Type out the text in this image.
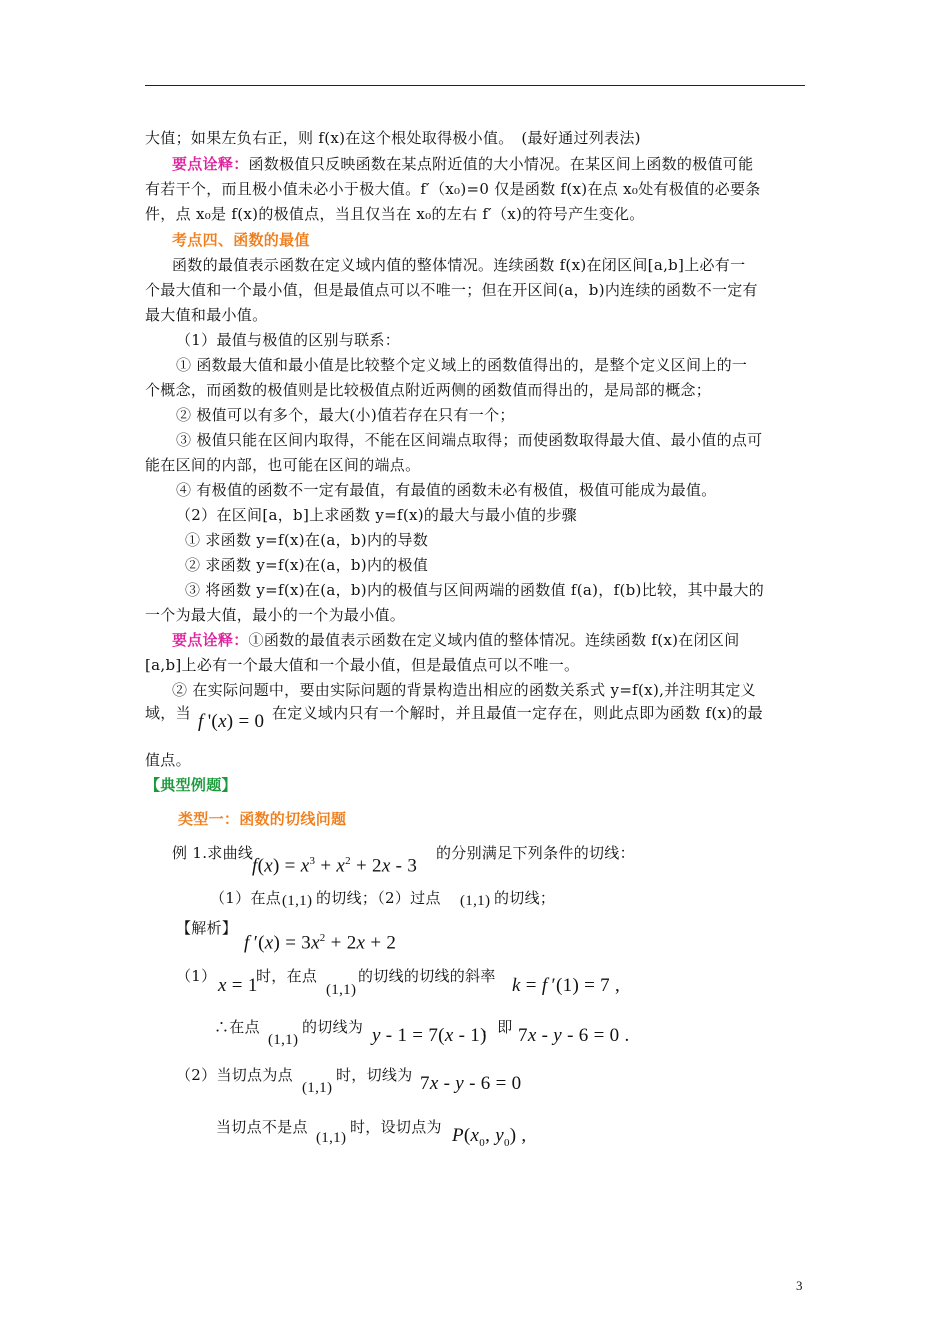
大值；如果左负右正，则 f(x)在这个根处取得极小值。　(最好通过列表法)
要点诠释：函数极值只反映函数在某点附近值的大小情况。在某区间上函数的极值可能
有若干个，而且极小值未必小于极大值。f′（x₀)=0 仅是函数 f(x)在点 x₀处有极值的必要条
件，点 x₀是 f(x)的极值点，当且仅当在 x₀的左右 f′（x)的符号产生变化。
考点四、函数的最值
函数的最值表示函数在定义域内值的整体情况。连续函数 f(x)在闭区间[a,b]上必有一
个最大值和一个最小值，但是最值点可以不唯一；但在开区间(a，b)内连续的函数不一定有
最大值和最小值。
（1）最值与极值的区别与联系：
① 函数最大值和最小值是比较整个定义域上的函数值得出的，是整个定义区间上的一
个概念，而函数的极值则是比较极值点附近两侧的函数值而得出的，是局部的概念；
② 极值可以有多个，最大(小)值若存在只有一个；
③ 极值只能在区间内取得，不能在区间端点取得；而使函数取得最大值、最小值的点可
能在区间的内部，也可能在区间的端点。
④ 有极值的函数不一定有最值，有最值的函数未必有极值，极值可能成为最值。
（2）在区间[a，b]上求函数 y=f(x)的最大与最小值的步骤
① 求函数 y=f(x)在(a，b)内的导数
② 求函数 y=f(x)在(a，b)内的极值
③ 将函数 y=f(x)在(a，b)内的极值与区间两端的函数值 f(a)，f(b)比较，其中最大的
一个为最大值，最小的一个为最小值。
要点诠释：①函数的最值表示函数在定义域内值的整体情况。连续函数 f(x)在闭区间
[a,b]上必有一个最大值和一个最小值，但是最值点可以不唯一。
② 在实际问题中，要由实际问题的背景构造出相应的函数关系式 y=f(x),并注明其定义
域，当 f '(x) = 0 在定义域内只有一个解时，并且最值一定存在，则此点即为函数 f(x)的最
值点。
【典型例题】
类型一：函数的切线问题
例 1.求曲线
$f(x) = x^3 + x^2 + 2x - 3$
的分别满足下列条件的切线：
（1）在点 (1,1) 的切线；（2）过点 (1,1) 的切线；
【解析】
f $'(x) = 3x^2 + 2x + 2$
（1） x = 1
时，在点
(1,1)
的切线的切线的斜率 k = f ′(1) = 7 ,
∴在点
(1,1)
的切线为 y - 1 = 7(x - 1)
，即 7x - y - 6 = 0 .
（2）当切点为点
(1,1)
时，切线为 7x - y - 6 = 0
当切点不是点
(1,1)
时，设切点为 $P(x_0$, $y_0$) ,
3
